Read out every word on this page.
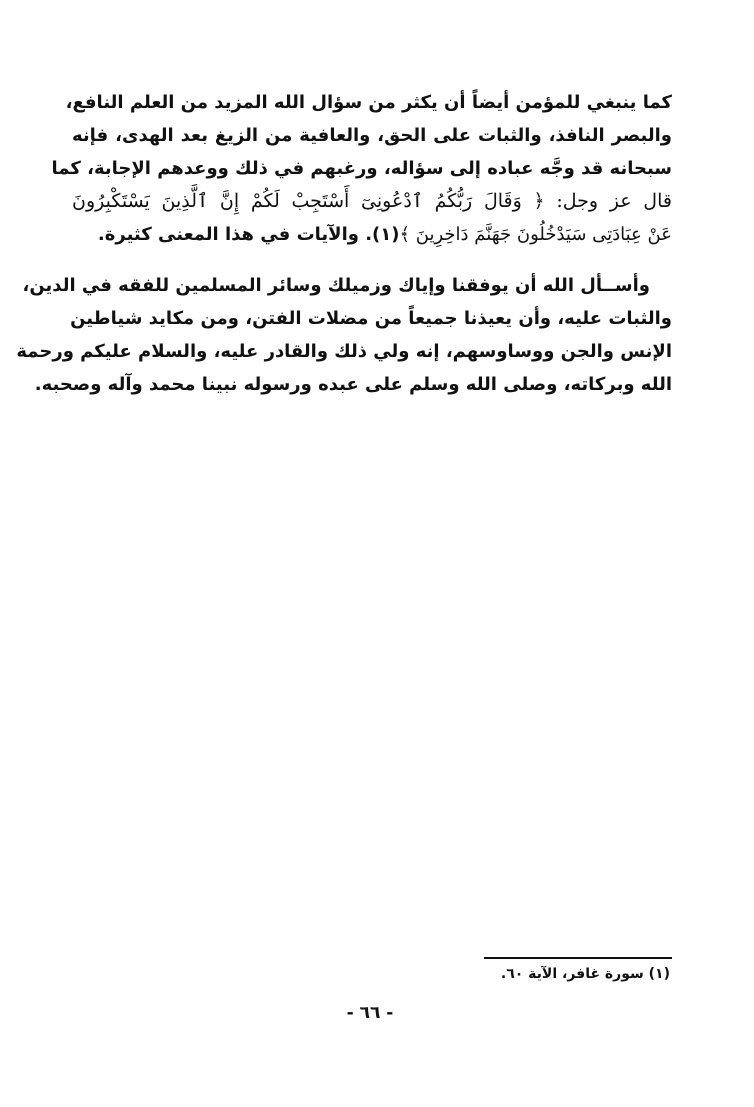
كما ينبغي للمؤمن أيضاً أن يكثر من سؤال الله المزيد من العلم النافع،
والبصر النافذ، والثبات على الحق، والعافية من الزيغ بعد الهدى، فإنه
سبحانه قد وجَّه عباده إلى سؤاله، ورغبهم في ذلك ووعدهم الإجابة، كما
قال عز وجل: ﴿ وَقَالَ رَبُّكُمُ ٱدْعُونِىٓ أَسْتَجِبْ لَكُمْ إِنَّ ٱلَّذِينَ يَسْتَكْبِرُونَ
عَنْ عِبَادَتِى سَيَدْخُلُونَ جَهَنَّمَ دَاخِرِينَ ﴾(١). والآيات في هذا المعنى كثيرة.
وأســأل الله أن يوفقنا وإياك وزميلك وسائر المسلمين للفقه في الدين،
والثبات عليه، وأن يعيذنا جميعاً من مضلات الفتن، ومن مكايد شياطين
الإنس والجن ووساوسهم، إنه ولي ذلك والقادر عليه، والسلام عليكم ورحمة
الله وبركاته، وصلى الله وسلم على عبده ورسوله نبينا محمد وآله وصحبه.
(١) سورة غافر، الآية ٦٠.
- ٦٦ -
